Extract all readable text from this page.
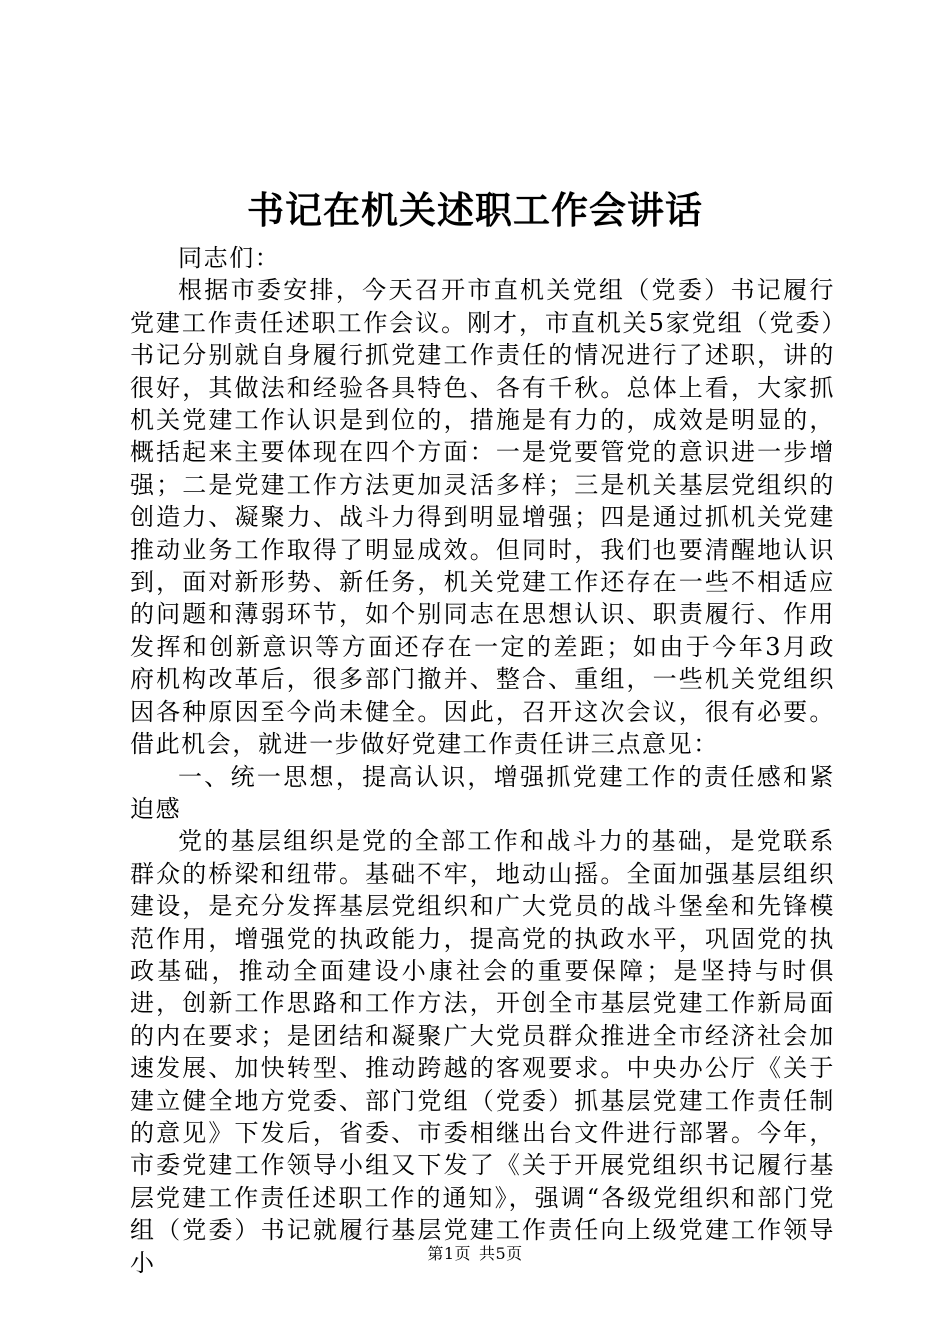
书记在机关述职工作会讲话

同志们：

根据市委安排，今天召开市直机关党组（党委）书记履行党建工作责任述职工作会议。刚才，市直机关5家党组（党委）书记分别就自身履行抓党建工作责任的情况进行了述职，讲的很好，其做法和经验各具特色、各有千秋。总体上看，大家抓机关党建工作认识是到位的，措施是有力的，成效是明显的，概括起来主要体现在四个方面：一是党要管党的意识进一步增强；二是党建工作方法更加灵活多样；三是机关基层党组织的创造力、凝聚力、战斗力得到明显增强；四是通过抓机关党建推动业务工作取得了明显成效。但同时，我们也要清醒地认识到，面对新形势、新任务，机关党建工作还存在一些不相适应的问题和薄弱环节，如个别同志在思想认识、职责履行、作用发挥和创新意识等方面还存在一定的差距；如由于今年3月政府机构改革后，很多部门撤并、整合、重组，一些机关党组织因各种原因至今尚未健全。因此，召开这次会议，很有必要。借此机会，就进一步做好党建工作责任讲三点意见：

一、统一思想，提高认识，增强抓党建工作的责任感和紧迫感

党的基层组织是党的全部工作和战斗力的基础，是党联系群众的桥梁和纽带。基础不牢，地动山摇。全面加强基层组织建设，是充分发挥基层党组织和广大党员的战斗堡垒和先锋模范作用，增强党的执政能力，提高党的执政水平，巩固党的执政基础，推动全面建设小康社会的重要保障；是坚持与时俱进，创新工作思路和工作方法，开创全市基层党建工作新局面的内在要求；是团结和凝聚广大党员群众推进全市经济社会加速发展、加快转型、推动跨越的客观要求。中央办公厅《关于建立健全地方党委、部门党组（党委）抓基层党建工作责任制的意见》下发后，省委、市委相继出台文件进行部署。今年，市委党建工作领导小组又下发了《关于开展党组织书记履行基层党建工作责任述职工作的通知》，强调“各级党组织和部门党组（党委）书记就履行基层党建工作责任向上级党建工作领导小	第1页 共5页
